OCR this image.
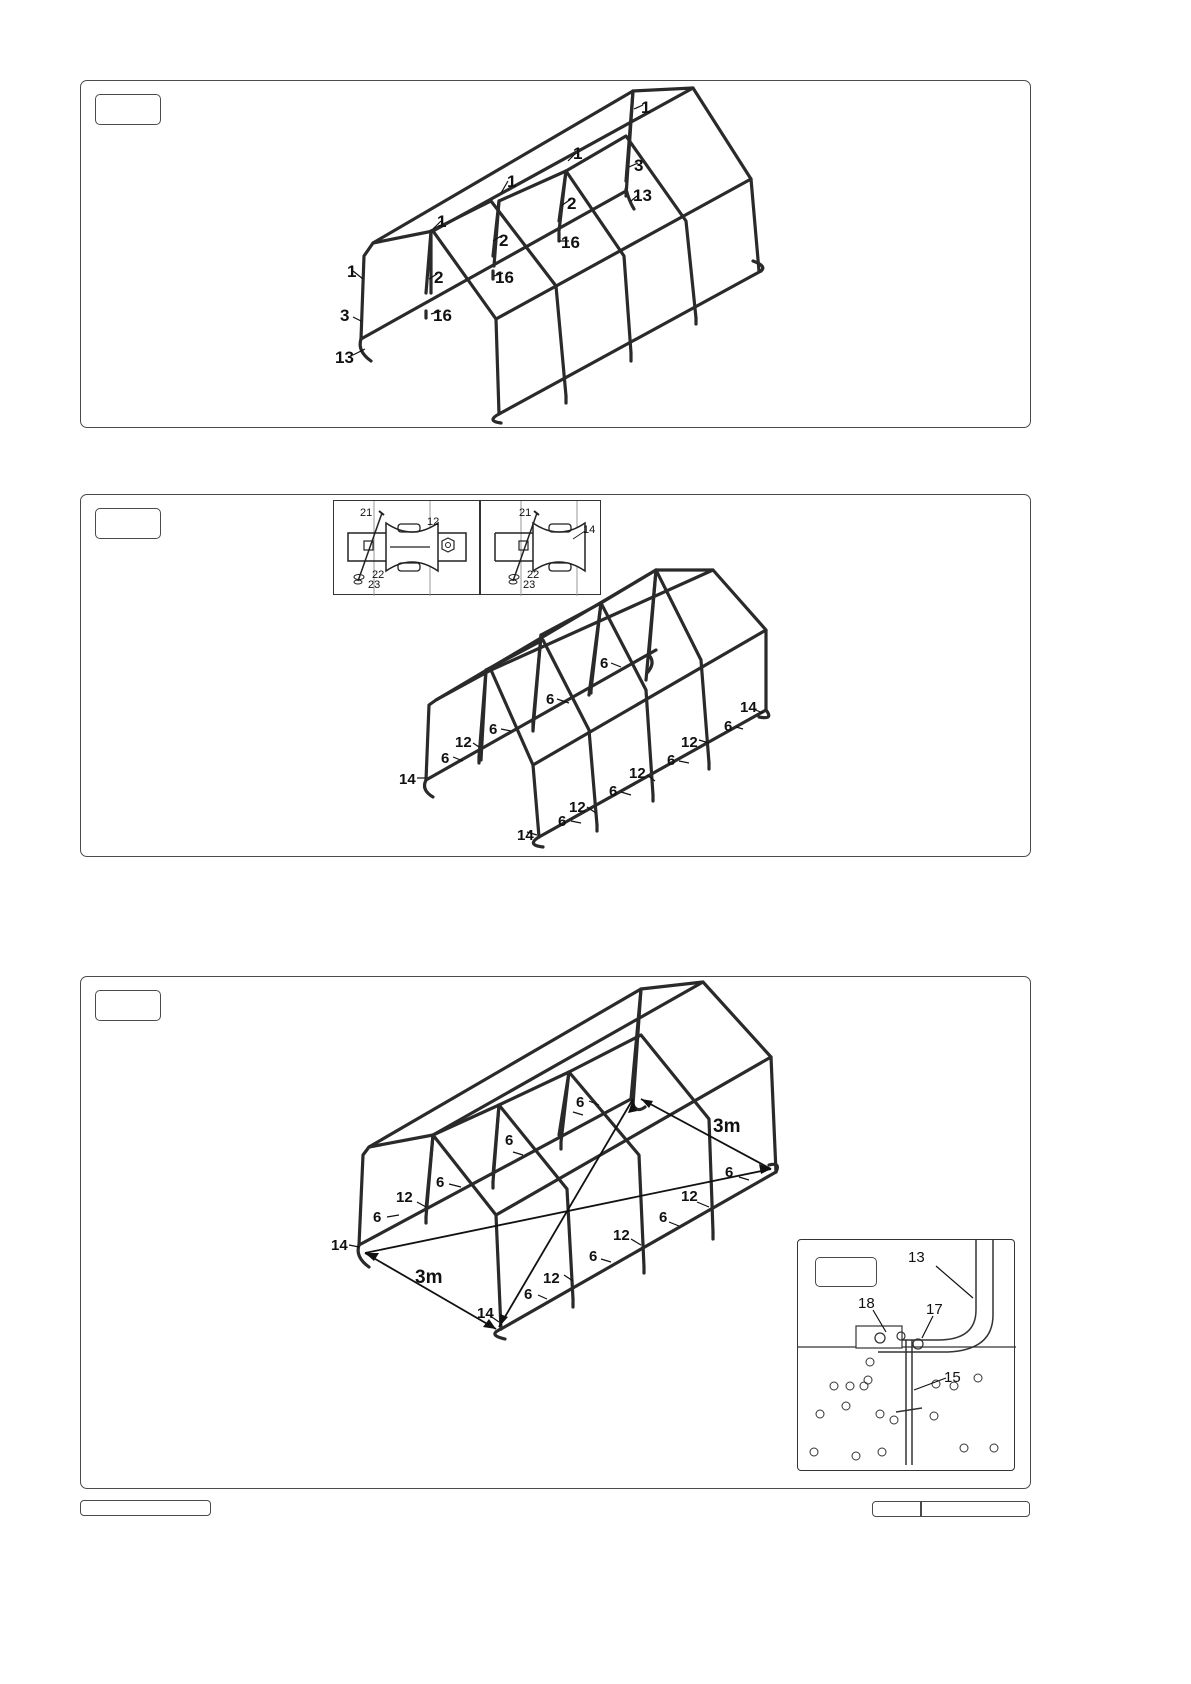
1
3
13
1
2
16
1
2
16
1
2
16
1
3
13
21
12
22
23
21
14
22
23
14
6
12
6
6
6
14
6
12
6
12
6
12
6
14
14
6
12
6
6
6
14
6
12
6
12
6
12
6
3m
3m
13
18	17
15
